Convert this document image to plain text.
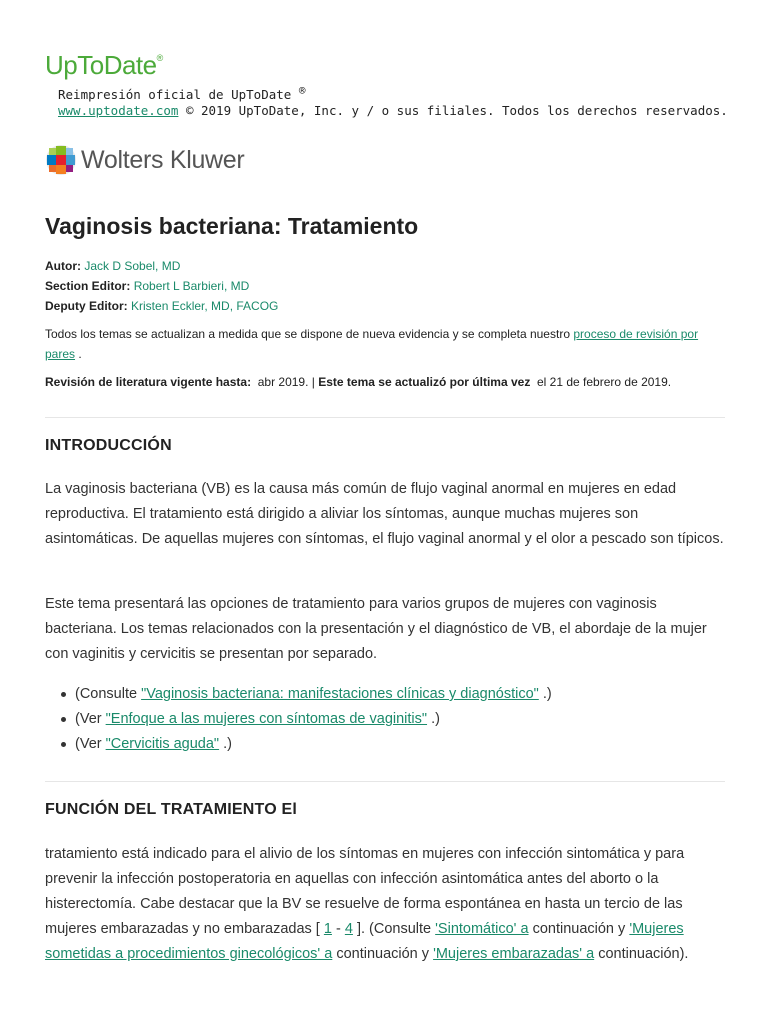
UpToDate®
Reimpresión oficial de UpToDate ®
www.uptodate.com © 2019 UpToDate, Inc. y / o sus filiales. Todos los derechos reservados.
Wolters Kluwer
Vaginosis bacteriana: Tratamiento
Autor: Jack D Sobel, MD
Section Editor: Robert L Barbieri, MD
Deputy Editor: Kristen Eckler, MD, FACOG
Todos los temas se actualizan a medida que se dispone de nueva evidencia y se completa nuestro proceso de revisión por pares .
Revisión de literatura vigente hasta: abr 2019. | Este tema se actualizó por última vez el 21 de febrero de 2019.
INTRODUCCIÓN

La vaginosis bacteriana (VB) es la causa más común de flujo vaginal anormal en mujeres en edad reproductiva. El tratamiento está dirigido a aliviar los síntomas, aunque muchas mujeres son asintomáticas. De aquellas mujeres con síntomas, el flujo vaginal anormal y el olor a pescado son típicos.

Este tema presentará las opciones de tratamiento para varios grupos de mujeres con vaginosis bacteriana. Los temas relacionados con la presentación y el diagnóstico de VB, el abordaje de la mujer con vaginitis y cervicitis se presentan por separado.

(Consulte "Vaginosis bacteriana: manifestaciones clínicas y diagnóstico" .)
(Ver "Enfoque a las mujeres con síntomas de vaginitis" .)
(Ver "Cervicitis aguda" .)
FUNCIÓN DEL TRATAMIENTO El

tratamiento está indicado para el alivio de los síntomas en mujeres con infección sintomática y para prevenir la infección postoperatoria en aquellas con infección asintomática antes del aborto o la histerectomía. Cabe destacar que la BV se resuelve de forma espontánea en hasta un tercio de las mujeres embarazadas y no embarazadas [ 1 - 4 ]. (Consulte 'Sintomático' a continuación y 'Mujeres sometidas a procedimientos ginecológicos' a continuación y 'Mujeres embarazadas' a continuación).
